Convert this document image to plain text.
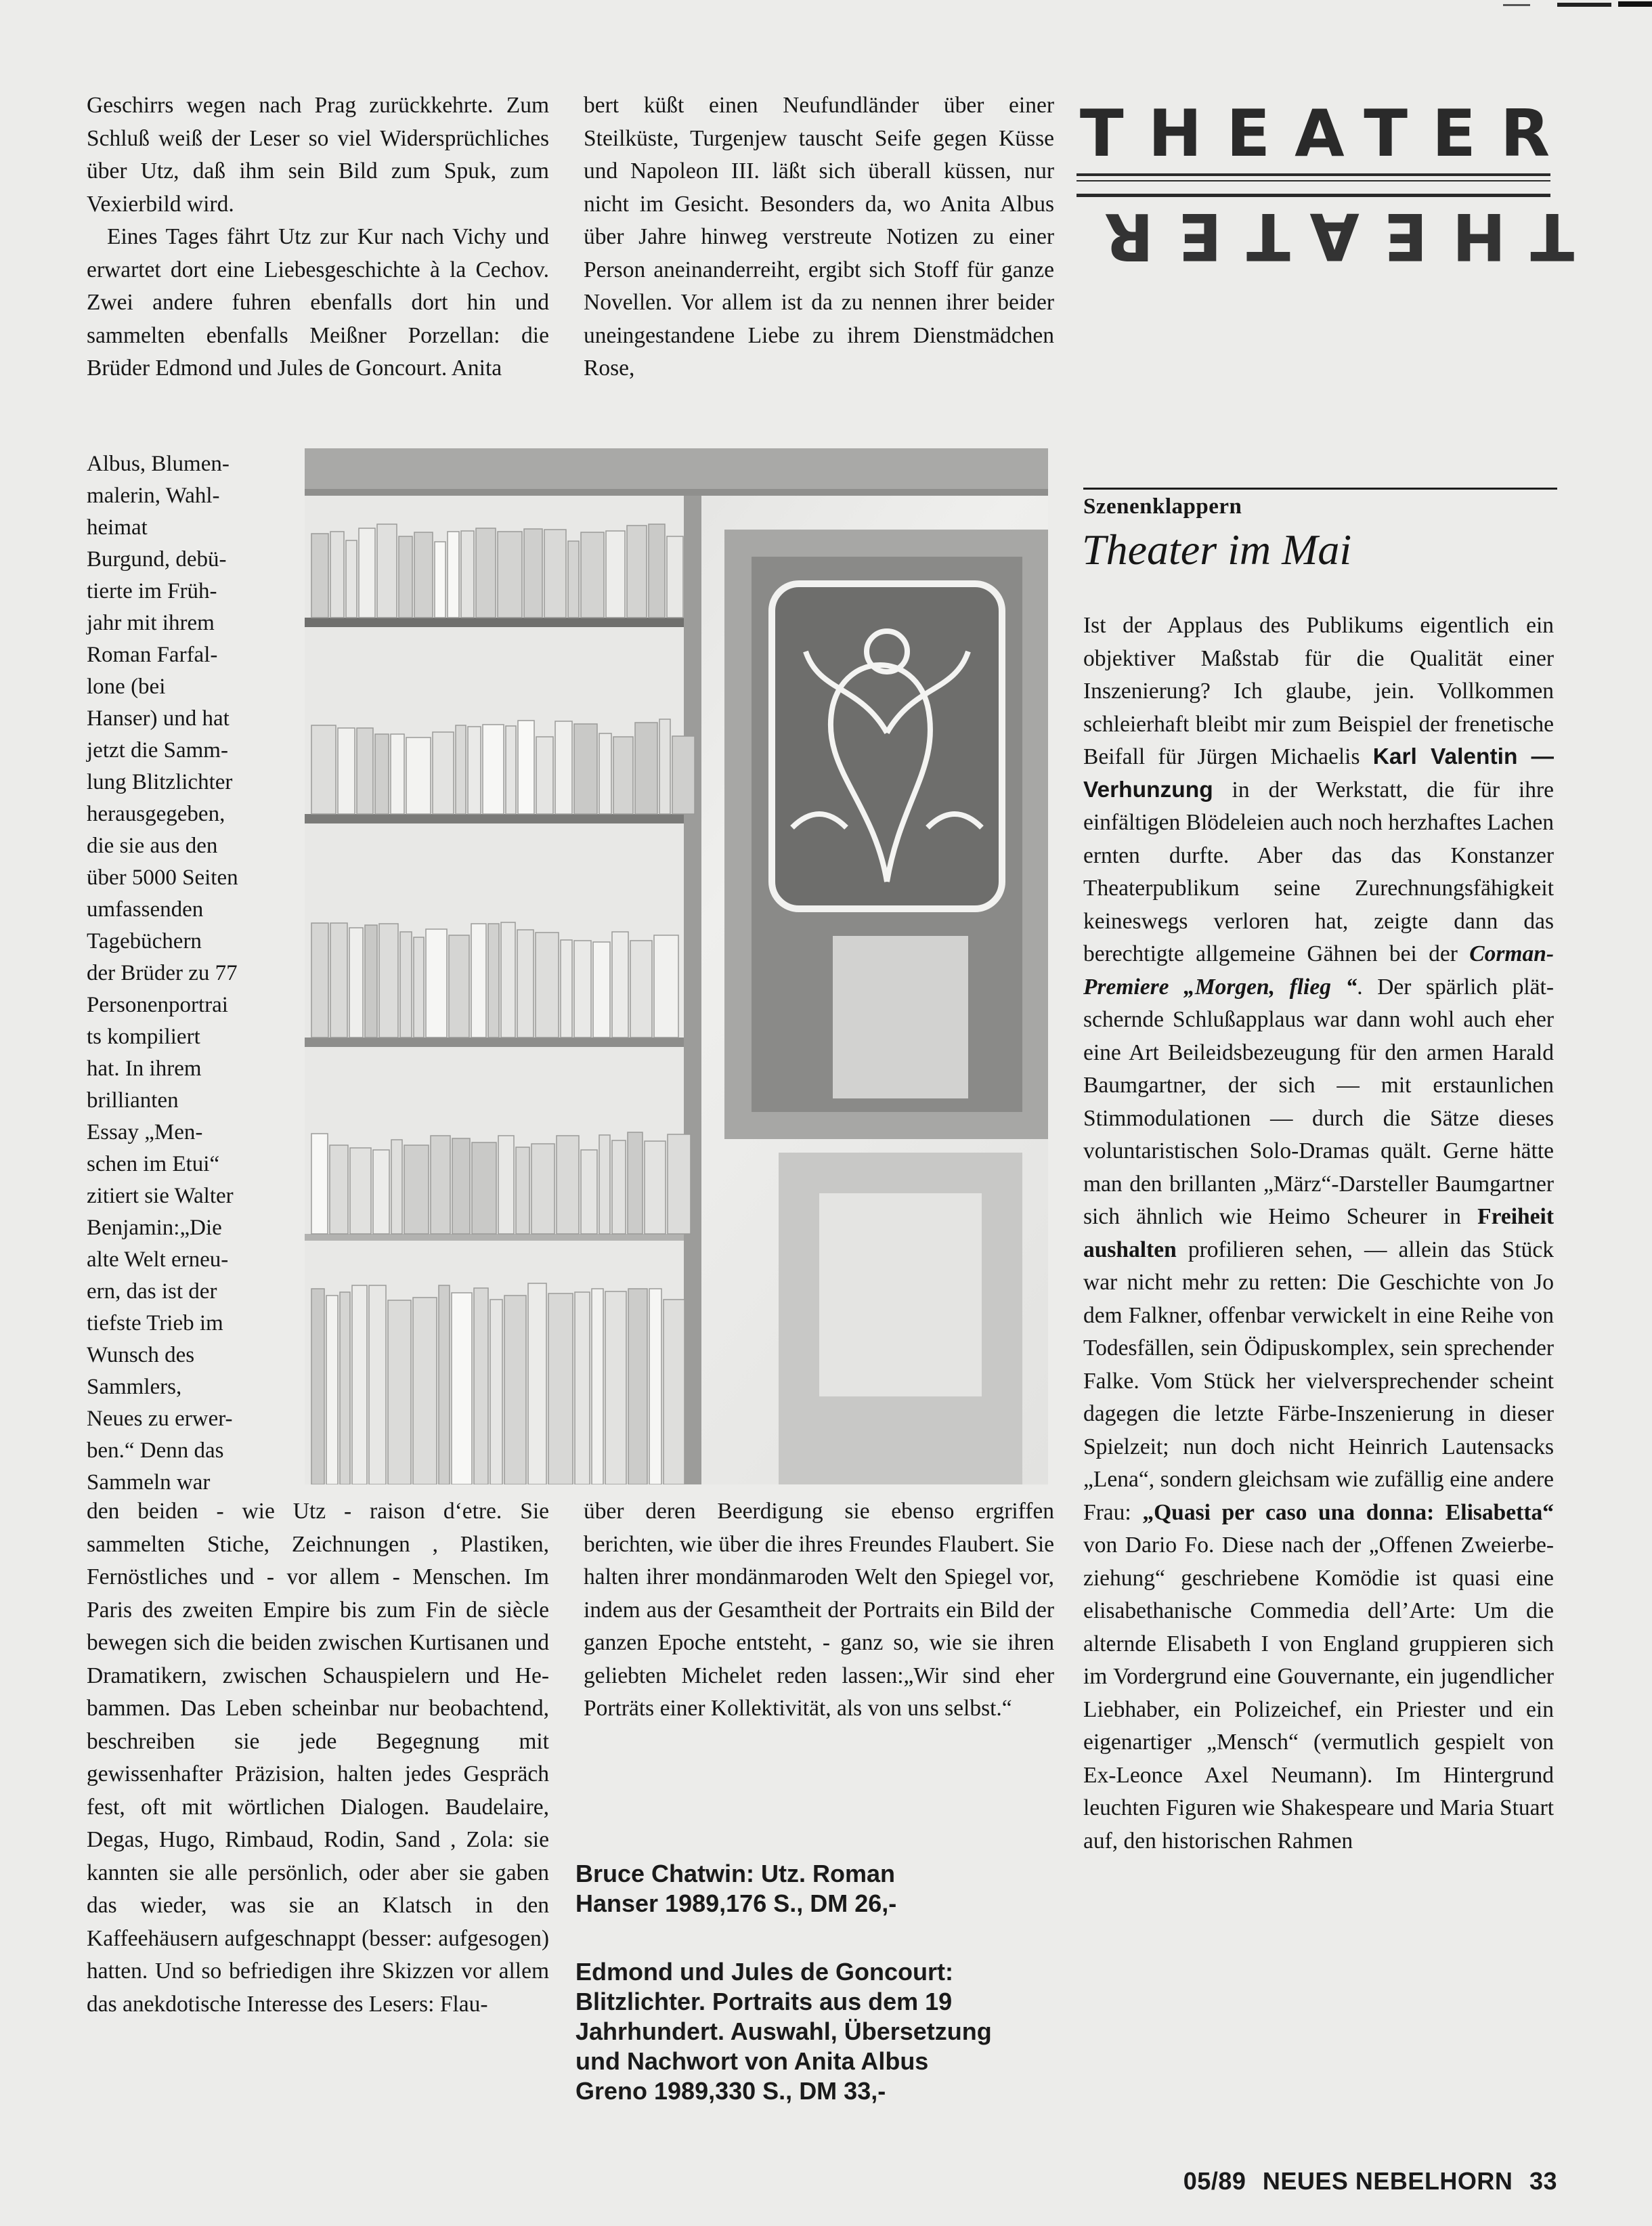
Geschirrs wegen nach Prag zurückkehrte. Zum Schluß weiß der Leser so viel Widersprüchliches über Utz, daß ihm sein Bild zum Spuk, zum Vexierbild wird.

Eines Tages fährt Utz zur Kur nach Vichy und erwartet dort eine Liebesgeschichte à la Cechov. Zwei andere fuhren ebenfalls dort hin und sammelten ebenfalls Meißner Porzellan: die Brüder Edmond und Jules de Goncourt. Anita

bert küßt einen Neufundländer über einer Steilküste, Turgenjew tauscht Seife gegen Küsse und Napoleon III. läßt sich überall küssen, nur nicht im Gesicht. Besonders da, wo Anita Albus über Jahre hinweg verstreute Notizen zu einer Person aneinanderreiht, ergibt sich Stoff für ganze Novellen. Vor allem ist da zu nennen ihrer beider uneingestandene Liebe zu ihrem Dienstmädchen Rose,

Albus, Blumen-
malerin, Wahl-
heimat
Burgund, debü-
tierte im Früh-
jahr mit ihrem
Roman Farfal-
lone (bei
Hanser) und hat
jetzt die Samm-
lung Blitzlichter
herausgegeben,
die sie aus den
über 5000 Seiten
umfassenden
Tagebüchern
der Brüder zu 77
Personenportrai
ts kompiliert
hat. In ihrem
brillianten
Essay „Men-
schen im Etui“
zitiert sie Walter
Benjamin:„Die
alte Welt erneu-
ern, das ist der
tiefste Trieb im
Wunsch des
Sammlers,
Neues zu erwer-
ben.“ Denn das
Sammeln war

den beiden - wie Utz - raison d‘etre. Sie sammelten Stiche, Zeichnungen , Plastiken, Fernöstliches und - vor allem - Menschen. Im Paris des zweiten Empire bis zum Fin de siècle bewegen sich die beiden zwischen Kurtisanen und Dramatikern, zwischen Schauspielern und Hebammen. Das Leben scheinbar nur beobachtend, beschreiben sie jede Begegnung mit gewissenhafter Präzision, halten jedes Gespräch fest, oft mit wörtlichen Dialogen. Baudelaire, Degas, Hugo, Rimbaud, Rodin, Sand , Zola: sie kannten sie alle persönlich, oder aber sie gaben das wieder, was sie an Klatsch in den Kaffeehäusern aufgeschnappt (besser: aufgesogen) hatten. Und so befriedigen ihre Skizzen vor allem das anekdotische Interesse des Lesers: Flau-

über deren Beerdigung sie ebenso ergriffen berichten, wie über die ihres Freundes Flaubert. Sie halten ihrer mondänmaroden Welt den Spiegel vor, indem aus der Gesamtheit der Portraits ein Bild der ganzen Epoche entsteht, - ganz so, wie sie ihren geliebten Michelet reden lassen:„Wir sind eher Porträts einer Kollektivität, als von uns selbst.“

Bruce Chatwin: Utz. Roman
Hanser 1989,176 S., DM 26,-
Edmond und Jules de Goncourt:
Blitzlichter. Portraits aus dem 19
Jahrhundert. Auswahl, Übersetzung
und Nachwort von Anita Albus
Greno 1989,330 S., DM 33,-
THEATER
THEATER
Szenenklappern
Theater im Mai

Ist der Applaus des Publikums eigentlich ein objektiver Maßstab für die Qualität einer Inszenierung? Ich glaube, jein. Vollkommen schleierhaft bleibt mir zum Beispiel der frenetische Beifall für Jürgen Michaelis Karl Valentin — Verhunzung in der Werkstatt, die für ihre einfältigen Blödeleien auch noch herzhaftes Lachen ernten durfte. Aber das das Konstanzer Theaterpublikum seine Zurechnungsfähigkeit keineswegs verloren hat, zeigte dann das berechtigte allgemeine Gähnen bei der Corman-Premiere „Morgen, flieg “. Der spärlich plätschernde Schlußapplaus war dann wohl auch eher eine Art Beileidsbezeugung für den armen Harald Baumgartner, der sich — mit erstaunlichen Stimmodulationen — durch die Sätze dieses voluntaristischen Solo-Dramas quält. Gerne hätte man den brillanten „März“-Darsteller Baumgartner sich ähnlich wie Heimo Scheurer in Freiheit aushalten profilieren sehen, — allein das Stück war nicht mehr zu retten: Die Geschichte von Jo dem Falkner, offenbar verwickelt in eine Reihe von Todesfällen, sein Ödipuskomplex, sein sprechender Falke. Vom Stück her vielversprechender scheint dagegen die letzte Färbe-Inszenierung in dieser Spielzeit; nun doch nicht Heinrich Lautensacks „Lena“, sondern gleichsam wie zufällig eine andere Frau: „Quasi per caso una donna: Elisabetta“ von Dario Fo. Diese nach der „Offenen Zweierbeziehung“ geschriebene Komödie ist quasi eine elisabethanische Commedia dell’Arte: Um die alternde Elisabeth I von England gruppieren sich im Vordergrund eine Gouvernante, ein jugendlicher Liebhaber, ein Polizeichef, ein Priester und ein eigenartiger „Mensch“ (vermutlich gespielt von Ex-Leonce Axel Neumann). Im Hintergrund leuchten Figuren wie Shakespeare und Maria Stuart auf, den historischen Rahmen

05/89 NEUES NEBELHORN 33
